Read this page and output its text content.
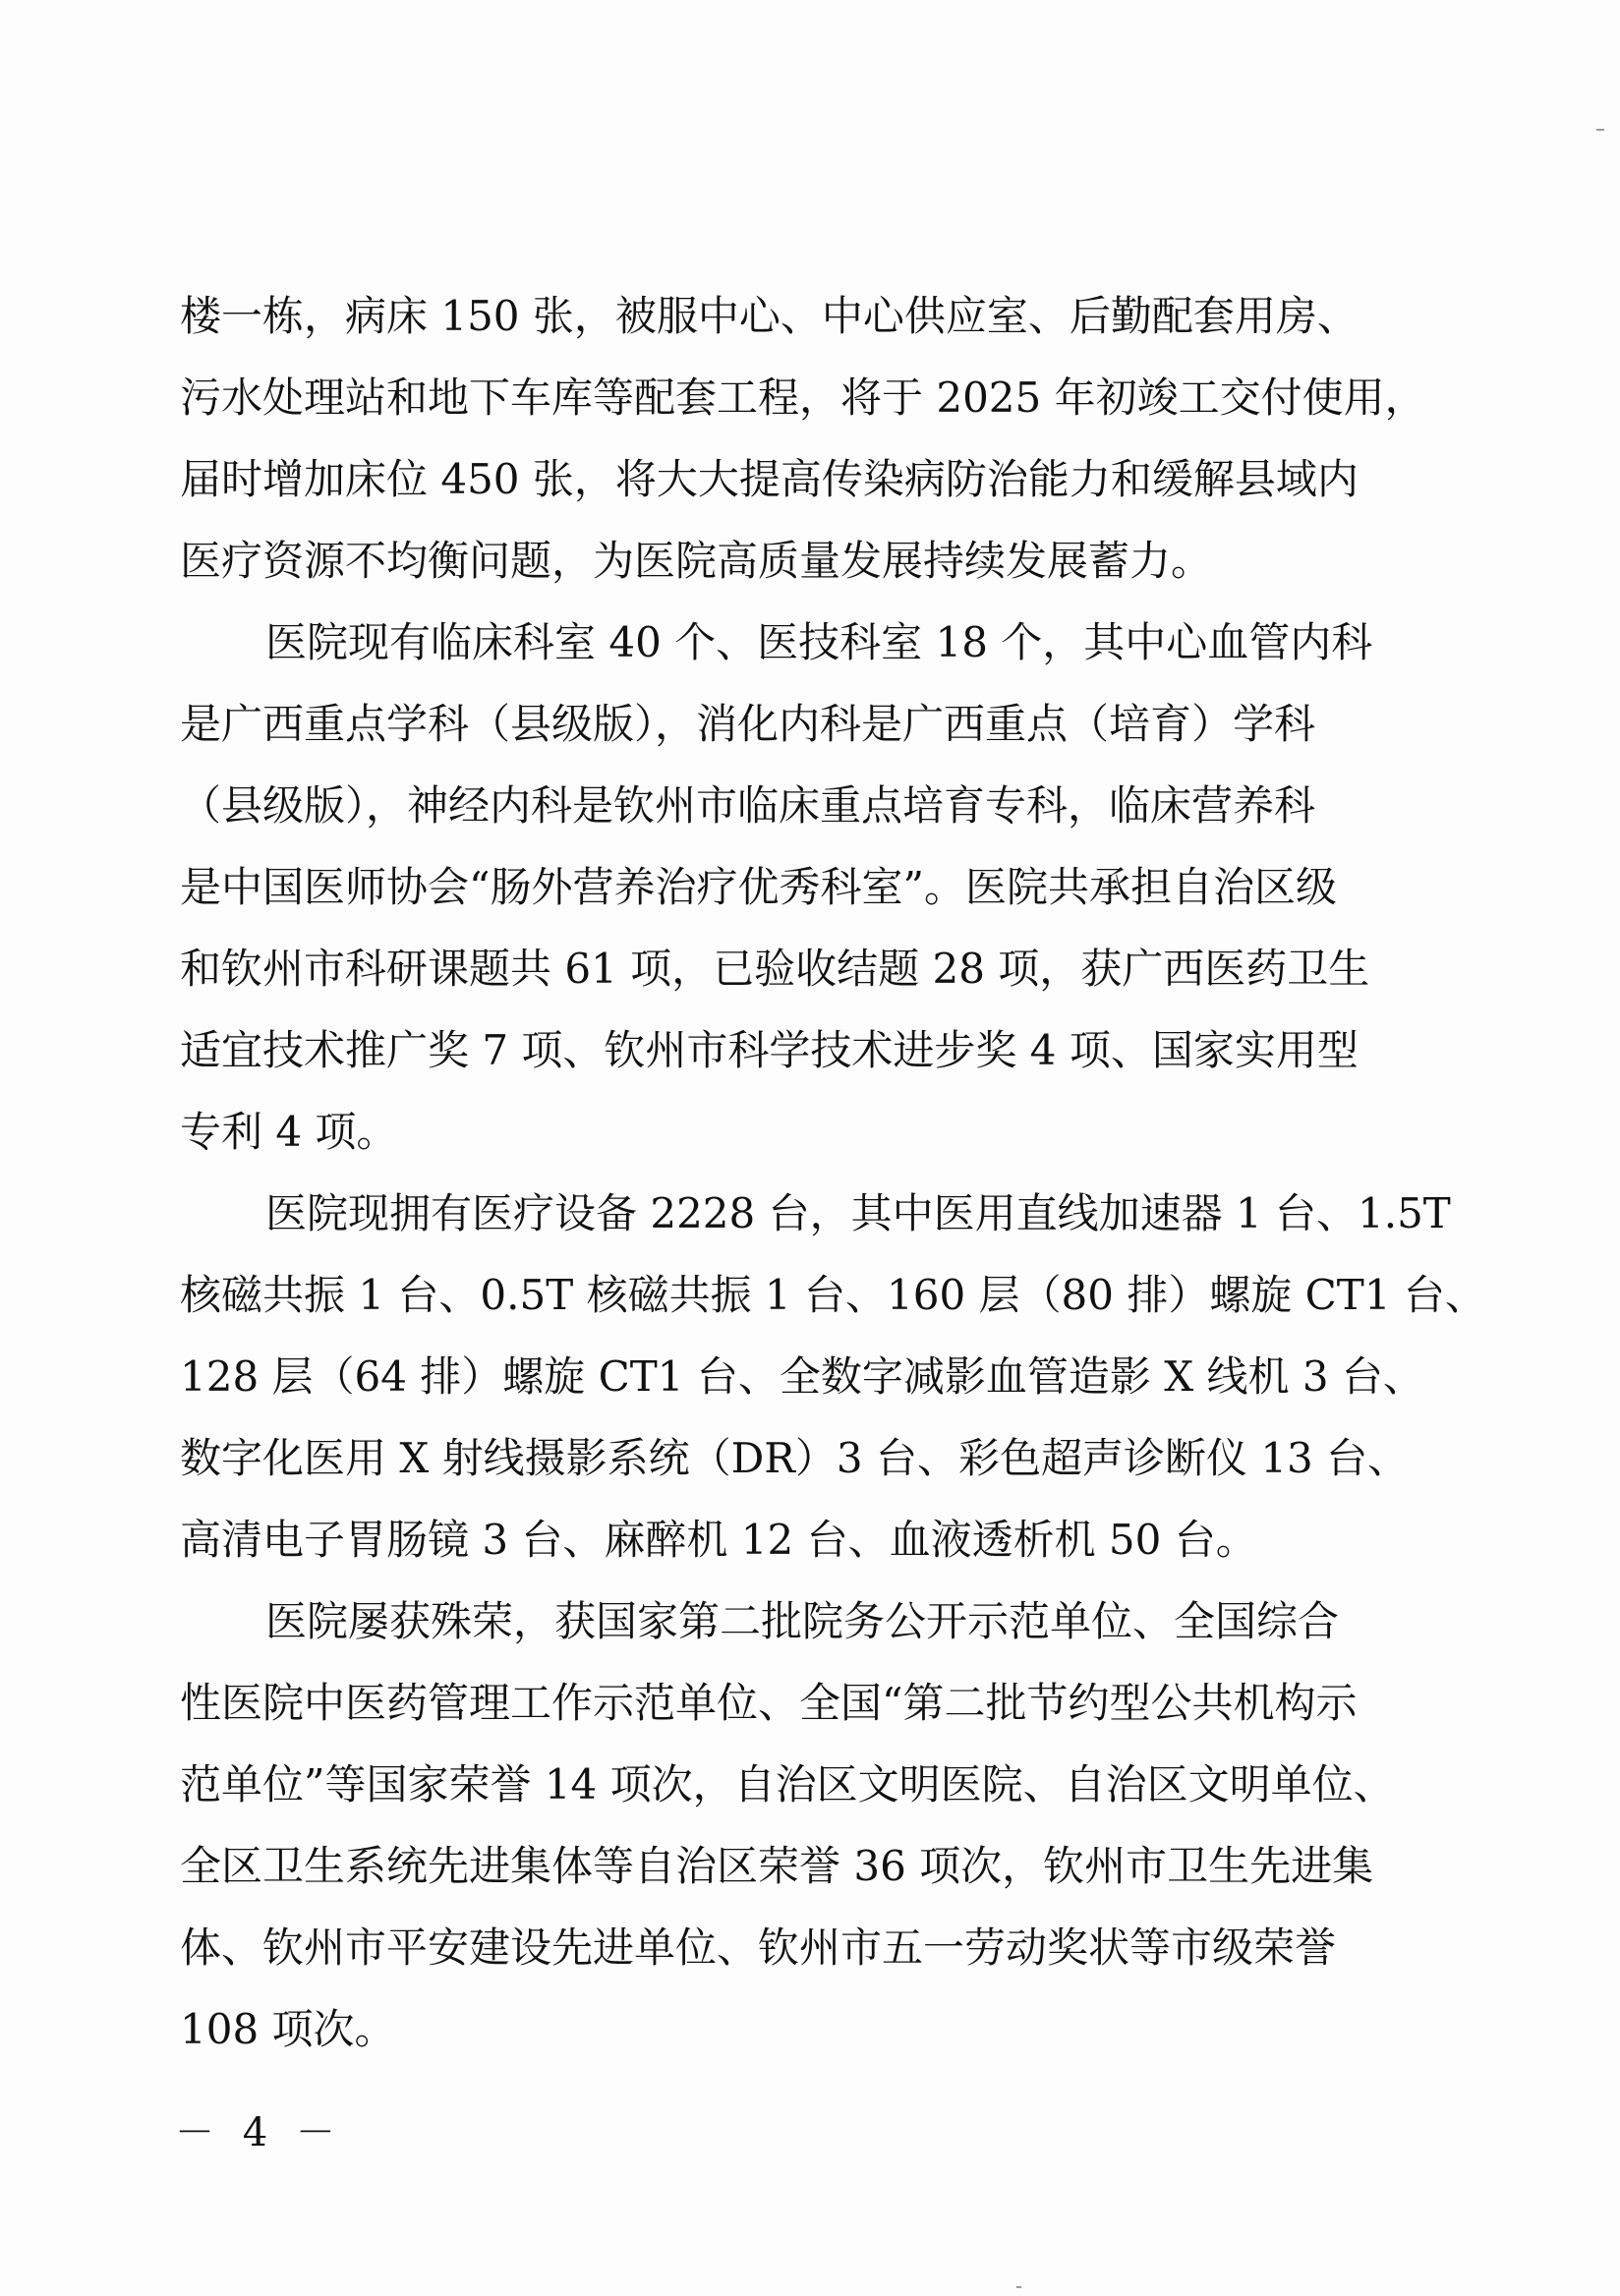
楼一栋，病床 150 张，被服中心、中心供应室、后勤配套用房、
污水处理站和地下车库等配套工程，将于 2025 年初竣工交付使用，
届时增加床位 450 张，将大大提高传染病防治能力和缓解县域内
医疗资源不均衡问题，为医院高质量发展持续发展蓄力。
医院现有临床科室 40 个、医技科室 18 个，其中心血管内科
是广西重点学科（县级版），消化内科是广西重点（培育）学科
（县级版），神经内科是钦州市临床重点培育专科，临床营养科
是中国医师协会“肠外营养治疗优秀科室”。医院共承担自治区级
和钦州市科研课题共 61 项，已验收结题 28 项，获广西医药卫生
适宜技术推广奖 7 项、钦州市科学技术进步奖 4 项、国家实用型
专利 4 项。
医院现拥有医疗设备 2228 台，其中医用直线加速器 1 台、1.5T
核磁共振 1 台、0.5T 核磁共振 1 台、160 层（80 排）螺旋 CT1 台、
128 层（64 排）螺旋 CT1 台、全数字减影血管造影 X 线机 3 台、
数字化医用 X 射线摄影系统（DR）3 台、彩色超声诊断仪 13 台、
高清电子胃肠镜 3 台、麻醉机 12 台、血液透析机 50 台。
医院屡获殊荣，获国家第二批院务公开示范单位、全国综合
性医院中医药管理工作示范单位、全国“第二批节约型公共机构示
范单位”等国家荣誉 14 项次，自治区文明医院、自治区文明单位、
全区卫生系统先进集体等自治区荣誉 36 项次，钦州市卫生先进集
体、钦州市平安建设先进单位、钦州市五一劳动奖状等市级荣誉
108 项次。
－ 4 －
